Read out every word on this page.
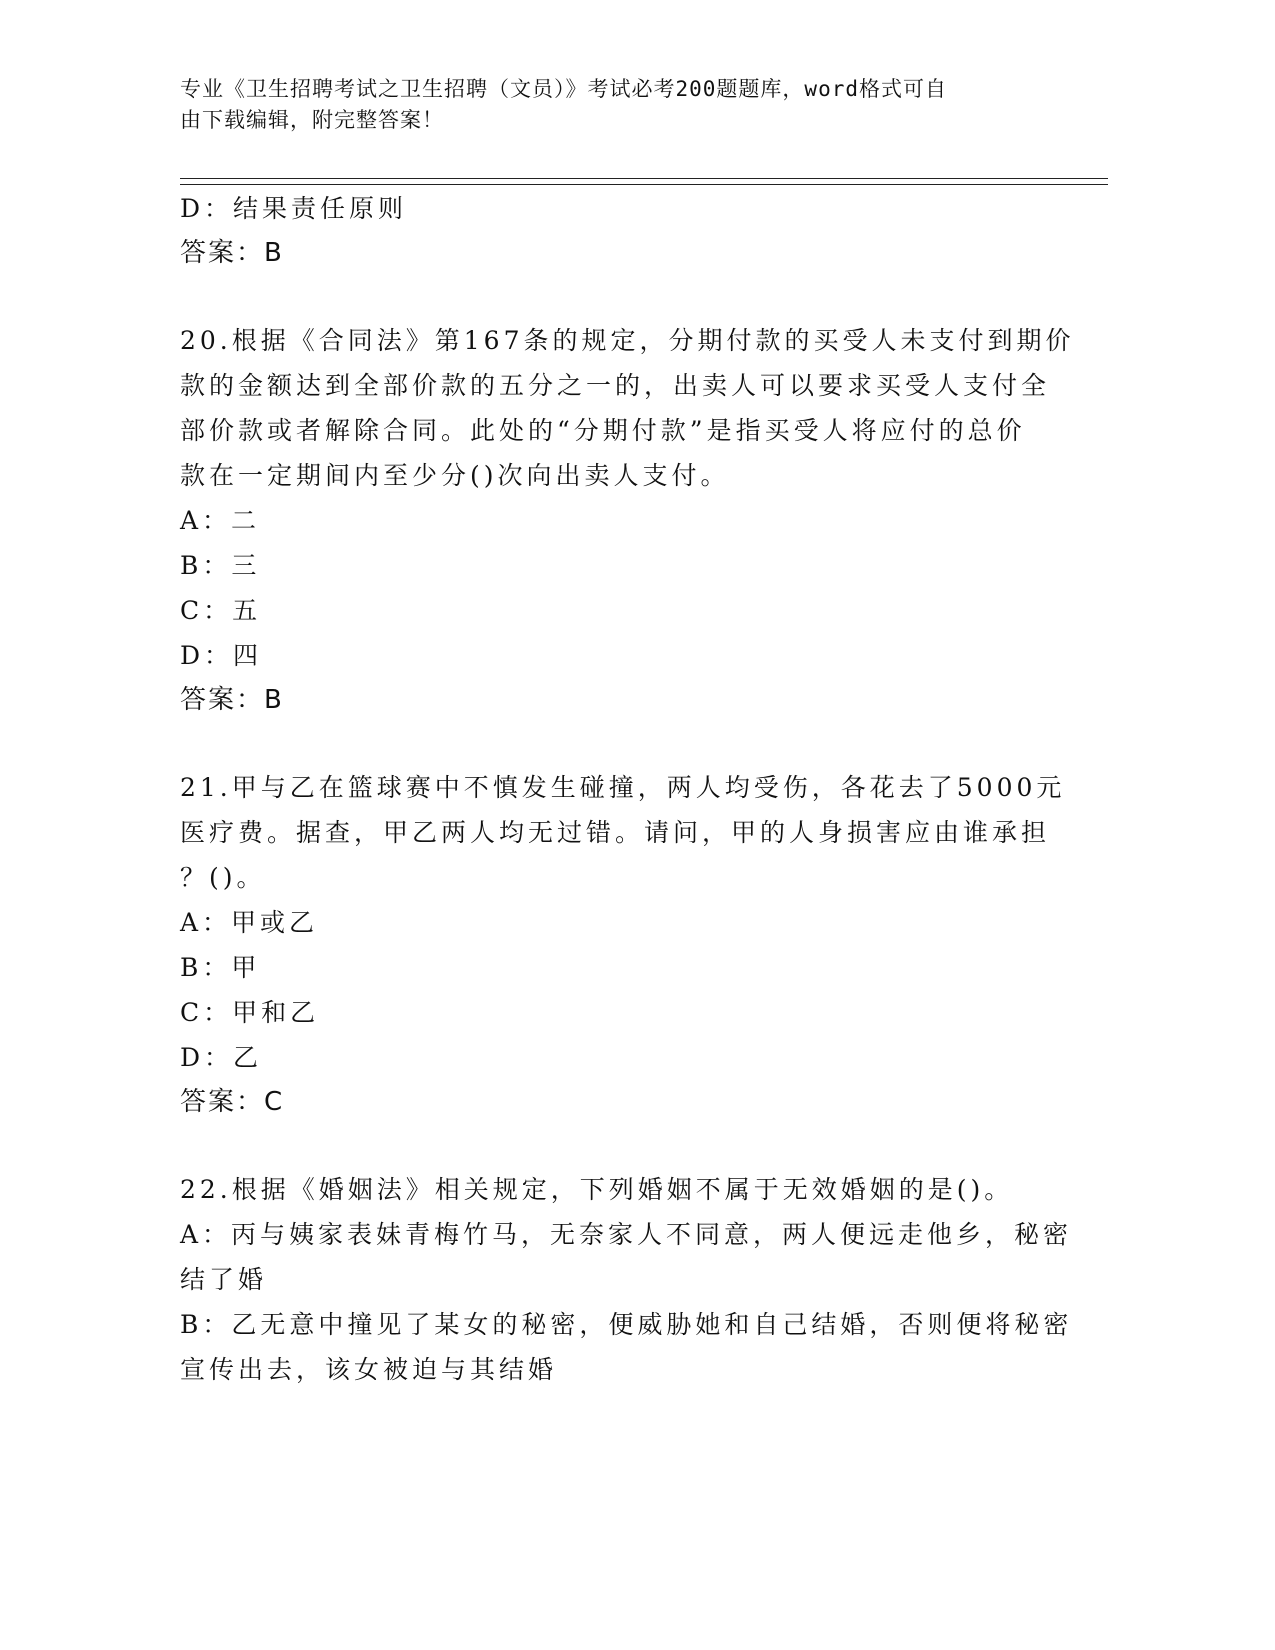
专业《卫生招聘考试之卫生招聘（文员）》考试必考200题题库，word格式可自
由下载编辑，附完整答案！
D：结果责任原则
答案：B
20.根据《合同法》第167条的规定，分期付款的买受人未支付到期价
款的金额达到全部价款的五分之一的，出卖人可以要求买受人支付全
部价款或者解除合同。此处的“分期付款”是指买受人将应付的总价
款在一定期间内至少分()次向出卖人支付。
A：二
B：三
C：五
D：四
答案：B
21.甲与乙在篮球赛中不慎发生碰撞，两人均受伤，各花去了5000元
医疗费。据查，甲乙两人均无过错。请问，甲的人身损害应由谁承担
？()。
A：甲或乙
B：甲
C：甲和乙
D：乙
答案：C
22.根据《婚姻法》相关规定，下列婚姻不属于无效婚姻的是()。
A：丙与姨家表妹青梅竹马，无奈家人不同意，两人便远走他乡，秘密
结了婚
B：乙无意中撞见了某女的秘密，便威胁她和自己结婚，否则便将秘密
宣传出去，该女被迫与其结婚
